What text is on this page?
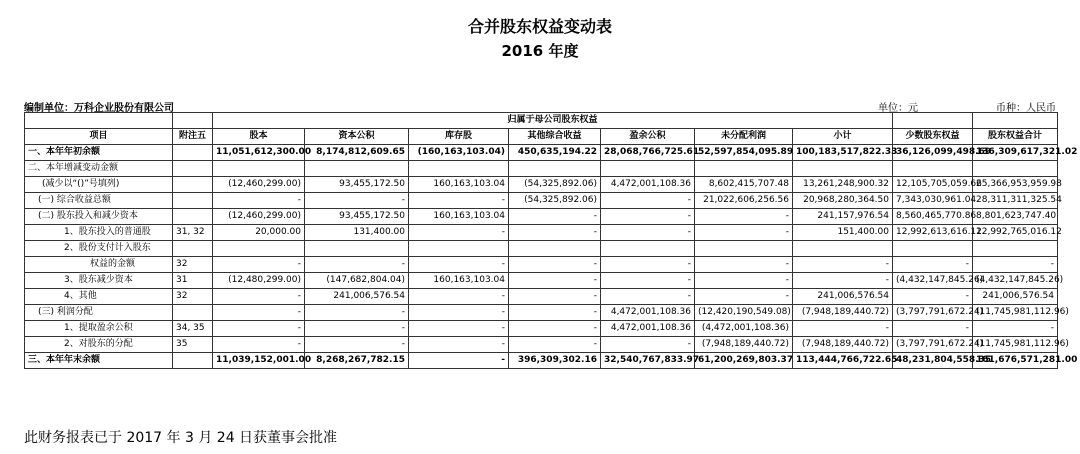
合并股东权益变动表
2016 年度
编制单位：万科企业股份有限公司	单位：元	币种：人民币
		归属于母公司股东权益								
项目	附注五	股本	资本公积	库存股	其他综合收益	盈余公积	未分配利润	小计	少数股东权益	股东权益合计
一、本年年初余额		11,051,612,300.00	8,174,812,609.65	(160,163,103.04)	450,635,194.22	28,068,766,725.61	52,597,854,095.89	100,183,517,822.33	36,126,099,498.69	136,309,617,321.02
二、本年增减变动金额										
(减少以“()”号填列)		(12,460,299.00)	93,455,172.50	160,163,103.04	(54,325,892.06)	4,472,001,108.36	8,602,415,707.48	13,261,248,900.32	12,105,705,059.66	25,366,953,959.98
(一) 综合收益总额		-	-	-	(54,325,892.06)	-	21,022,606,256.56	20,968,280,364.50	7,343,030,961.04	28,311,311,325.54
(二) 股东投入和减少资本		(12,460,299.00)	93,455,172.50	160,163,103.04	-	-	-	241,157,976.54	8,560,465,770.86	8,801,623,747.40
1、股东投入的普通股	31, 32	20,000.00	131,400.00	-	-	-	-	151,400.00	12,992,613,616.12	12,992,765,016.12
2、股份支付计入股东										
权益的金额	32	-	-	-	-	-	-	-	-	-
3、股东减少资本	31	(12,480,299.00)	(147,682,804.04)	160,163,103.04	-	-	-	-	(4,432,147,845.26)	(4,432,147,845.26)
4、其他	32	-	241,006,576.54	-	-	-	-	241,006,576.54	-	241,006,576.54
(三) 利润分配		-	-	-	-	4,472,001,108.36	(12,420,190,549.08)	(7,948,189,440.72)	(3,797,791,672.24)	(11,745,981,112.96)
1、提取盈余公积	34, 35	-	-	-	-	4,472,001,108.36	(4,472,001,108.36)	-	-	-
2、对股东的分配	35	-	-	-	-	-	(7,948,189,440.72)	(7,948,189,440.72)	(3,797,791,672.24)	(11,745,981,112.96)
三、本年年末余额		11,039,152,001.00	8,268,267,782.15	-	396,309,302.16	32,540,767,833.97	61,200,269,803.37	113,444,766,722.65	48,231,804,558.35	161,676,571,281.00
此财务报表已于 2017 年 3 月 24 日获董事会批准
